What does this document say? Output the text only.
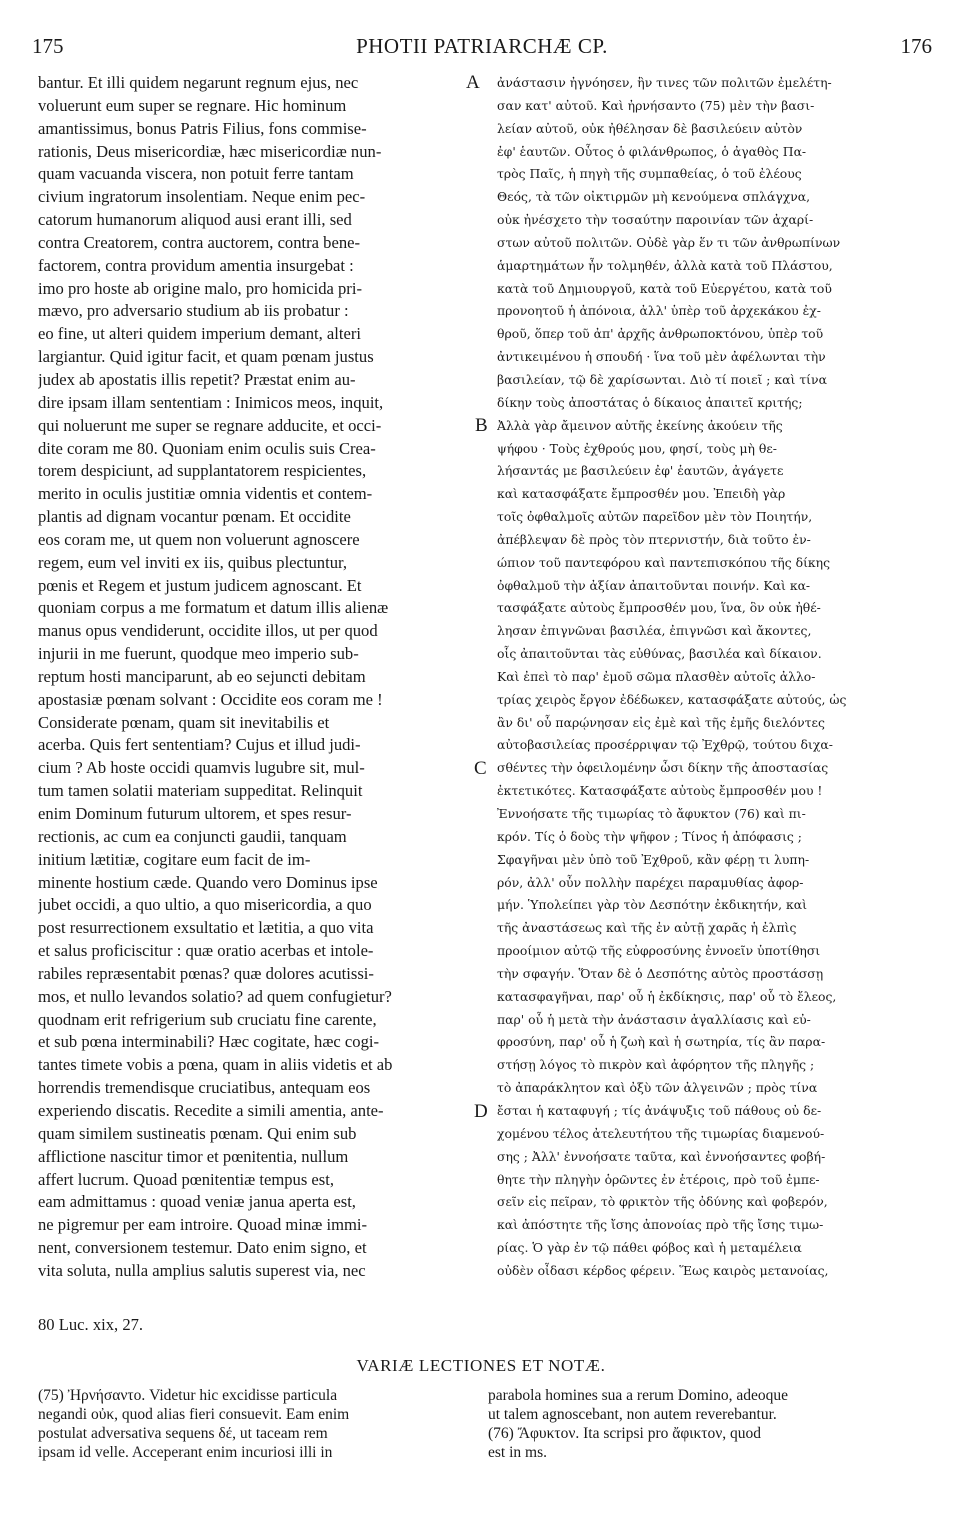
175	PHOTII PATRIARCHÆ CP.	176
bantur. Et illi quidem negarunt regnum ejus, nec
voluerunt eum super se regnare. Hic hominum
amantissimus, bonus Patris Filius, fons commise-
rationis, Deus misericordiæ, hæc misericordiæ nun-
quam vacuanda viscera, non potuit ferre tantam
civium ingratorum insolentiam. Neque enim pec-
catorum humanorum aliquod ausi erant illi, sed
contra Creatorem, contra auctorem, contra bene-
factorem, contra providum amentia insurgebat :
imo pro hoste ab origine malo, pro homicida pri-
mævo, pro adversario studium ab iis probatur :
eo fine, ut alteri quidem imperium demant, alteri
largiantur. Quid igitur facit, et quam pœnam justus
judex ab apostatis illis repetit? Præstat enim au-
dire ipsam illam sententiam : Inimicos meos, inquit,
qui noluerunt me super se regnare adducite, et occi-
dite coram me 80. Quoniam enim oculis suis Crea-
torem despiciunt, ad supplantatorem respicientes,
merito in oculis justitiæ omnia videntis et contem-
plantis ad dignam vocantur pœnam. Et occidite
eos coram me, ut quem non voluerunt agnoscere
regem, eum vel inviti ex iis, quibus plectuntur,
pœnis et Regem et justum judicem agnoscant. Et
quoniam corpus a me formatum et datum illis alienæ
manus opus vendiderunt, occidite illos, ut per quod
injurii in me fuerunt, quodque meo imperio sub-
reptum hosti manciparunt, ab eo sejuncti debitam
apostasiæ pœnam solvant : Occidite eos coram me !
Considerate pœnam, quam sit inevitabilis et
acerba. Quis fert sententiam? Cujus et illud judi-
cium ? Ab hoste occidi quamvis lugubre sit, mul-
tum tamen solatii materiam suppeditat. Relinquit
enim Dominum futurum ultorem, et spes resur-
rectionis, ac cum ea conjuncti gaudii, tanquam
initium lætitiæ, cogitare eum facit de im-
minente hostium cæde. Quando vero Dominus ipse
jubet occidi, a quo ultio, a quo misericordia, a quo
post resurrectionem exsultatio et lætitia, a quo vita
et salus proficiscitur : quæ oratio acerbas et intole-
rabiles repræsentabit pœnas? quæ dolores acutissi-
mos, et nullo levandos solatio? ad quem confugietur?
quodnam erit refrigerium sub cruciatu fine carente,
et sub pœna interminabili? Hæc cogitate, hæc cogi-
tantes timete vobis a pœna, quam in aliis videtis et ab
horrendis tremendisque cruciatibus, antequam eos
experiendo discatis. Recedite a simili amentia, ante-
quam similem sustineatis pœnam. Qui enim sub
afflictione nascitur timor et pœnitentia, nullum
affert lucrum. Quoad pœnitentiæ tempus est,
eam admittamus : quoad veniæ janua aperta est,
ne pigremur per eam introire. Quoad minæ immi-
nent, conversionem testemur. Dato enim signo, et
vita soluta, nulla amplius salutis superest via, nec
ἀνάστασιν ἠγνόησεν, ἣν τινες τῶν πολιτῶν ἐμελέτη-
σαν κατ' αὐτοῦ. Καὶ ἠρνήσαντο (75) μὲν τὴν βασι-
λείαν αὐτοῦ, οὐκ ἠθέλησαν δὲ βασιλεύειν αὐτὸν
ἐφ' ἑαυτῶν. Οὗτος ὁ φιλάνθρωπος, ὁ ἀγαθὸς Πα-
τρὸς Παῖς, ἡ πηγὴ τῆς συμπαθείας, ὁ τοῦ ἐλέους
Θεός, τὰ τῶν οἰκτιρμῶν μὴ κενούμενα σπλάγχνα,
οὐκ ἠνέσχετο τὴν τοσαύτην παροινίαν τῶν ἀχαρί-
στων αὐτοῦ πολιτῶν. Οὐδὲ γὰρ ἕν τι τῶν ἀνθρωπίνων
ἁμαρτημάτων ἦν τολμηθέν, ἀλλὰ κατὰ τοῦ Πλάστου,
κατὰ τοῦ Δημιουργοῦ, κατὰ τοῦ Εὐεργέτου, κατὰ τοῦ
προνοητοῦ ἡ ἀπόνοια, ἀλλ' ὑπὲρ τοῦ ἀρχεκάκου ἐχ-
θροῦ, ὅπερ τοῦ ἀπ' ἀρχῆς ἀνθρωποκτόνου, ὑπὲρ τοῦ
ἀντικειμένου ἡ σπουδή · ἵνα τοῦ μὲν ἀφέλωνται τὴν
βασιλείαν, τῷ δὲ χαρίσωνται. Διὸ τί ποιεῖ ; καὶ τίνα
δίκην τοὺς ἀποστάτας ὁ δίκαιος ἀπαιτεῖ κριτής;
Ἀλλὰ γὰρ ἄμεινον αὐτῆς ἐκείνης ἀκούειν τῆς
ψήφου · Τοὺς ἐχθρούς μου, φησί, τοὺς μὴ θε-
λήσαντάς με βασιλεύειν ἐφ' ἑαυτῶν, ἀγάγετε
καὶ κατασφάξατε ἔμπροσθέν μου. Ἐπειδὴ γὰρ
τοῖς ὀφθαλμοῖς αὐτῶν παρεῖδον μὲν τὸν Ποιητήν,
ἀπέβλεψαν δὲ πρὸς τὸν πτερνιστήν, διὰ τοῦτο ἐν-
ώπιον τοῦ παντεφόρου καὶ παντεπισκόπου τῆς δίκης
ὀφθαλμοῦ τὴν ἀξίαν ἀπαιτοῦνται ποινήν. Καὶ κα-
τασφάξατε αὐτοὺς ἔμπροσθέν μου, ἵνα, ὃν οὐκ ἠθέ-
λησαν ἐπιγνῶναι βασιλέα, ἐπιγνῶσι καὶ ἄκοντες,
οἷς ἀπαιτοῦνται τὰς εὐθύνας, βασιλέα καὶ δίκαιον.
Καὶ ἐπεὶ τὸ παρ' ἐμοῦ σῶμα πλασθὲν αὐτοῖς ἀλλο-
τρίας χειρὸς ἔργον ἐδέδωκεν, κατασφάξατε αὐτούς, ὡς
ἂν δι' οὗ παρῴνησαν εἰς ἐμὲ καὶ τῆς ἐμῆς διελόντες
αὐτοβασιλείας προσέρριψαν τῷ Ἐχθρῷ, τούτου διχα-
σθέντες τὴν ὀφειλομένην ὦσι δίκην τῆς ἀποστασίας
ἐκτετικότες. Κατασφάξατε αὐτοὺς ἔμπροσθέν μου !
Ἐννοήσατε τῆς τιμωρίας τὸ ἄφυκτον (76) καὶ πι-
κρόν. Τίς ὁ δοὺς τὴν ψῆφον ; Τίνος ἡ ἀπόφασις ;
Σφαγῆναι μὲν ὑπὸ τοῦ Ἐχθροῦ, κἂν φέρῃ τι λυπη-
ρόν, ἀλλ' οὖν πολλὴν παρέχει παραμυθίας ἀφορ-
μήν. Ὑπολείπει γὰρ τὸν Δεσπότην ἐκδικητήν, καὶ
τῆς ἀναστάσεως καὶ τῆς ἐν αὐτῇ χαρᾶς ἡ ἐλπὶς
προοίμιον αὐτῷ τῆς εὐφροσύνης ἐννοεῖν ὑποτίθησι
τὴν σφαγήν. Ὅταν δὲ ὁ Δεσπότης αὐτὸς προστάσσῃ
κατασφαγῆναι, παρ' οὗ ἡ ἐκδίκησις, παρ' οὗ τὸ ἔλεος,
παρ' οὗ ἡ μετὰ τὴν ἀνάστασιν ἀγαλλίασις καὶ εὐ-
φροσύνη, παρ' οὗ ἡ ζωὴ καὶ ἡ σωτηρία, τίς ἂν παρα-
στήσῃ λόγος τὸ πικρὸν καὶ ἀφόρητον τῆς πληγῆς ;
τὸ ἀπαράκλητον καὶ ὀξὺ τῶν ἀλγεινῶν ; πρὸς τίνα
ἔσται ἡ καταφυγή ; τίς ἀνάψυξις τοῦ πάθους οὐ δε-
χομένου τέλος ἀτελευτήτου τῆς τιμωρίας διαμενού-
σης ; Ἀλλ' ἐννοήσατε ταῦτα, καὶ ἐννοήσαντες φοβή-
θητε τὴν πληγὴν ὁρῶντες ἐν ἑτέροις, πρὸ τοῦ ἐμπε-
σεῖν εἰς πεῖραν, τὸ φρικτὸν τῆς ὀδύνης καὶ φοβερόν,
καὶ ἀπόστητε τῆς ἴσης ἀπονοίας πρὸ τῆς ἴσης τιμω-
ρίας. Ὁ γὰρ ἐν τῷ πάθει φόβος καὶ ἡ μεταμέλεια
οὐδὲν οἶδασι κέρδος φέρειν. Ἕως καιρὸς μετανοίας,
A
B
C
D
80 Luc. xix, 27.
VARIÆ LECTIONES ET NOTÆ.
(75) Ἠρνήσαντο. Videtur hic excidisse particula
negandi οὐκ, quod alias fieri consuevit. Eam enim
postulat adversativa sequens δέ, ut taceam rem
ipsam id velle. Acceperant enim incuriosi illi in
parabola homines sua a rerum Domino, adeoque
ut talem agnoscebant, non autem reverebantur.
(76) Ἄφυκτον. Ita scripsi pro ἄφικτον, quod
est in ms.
